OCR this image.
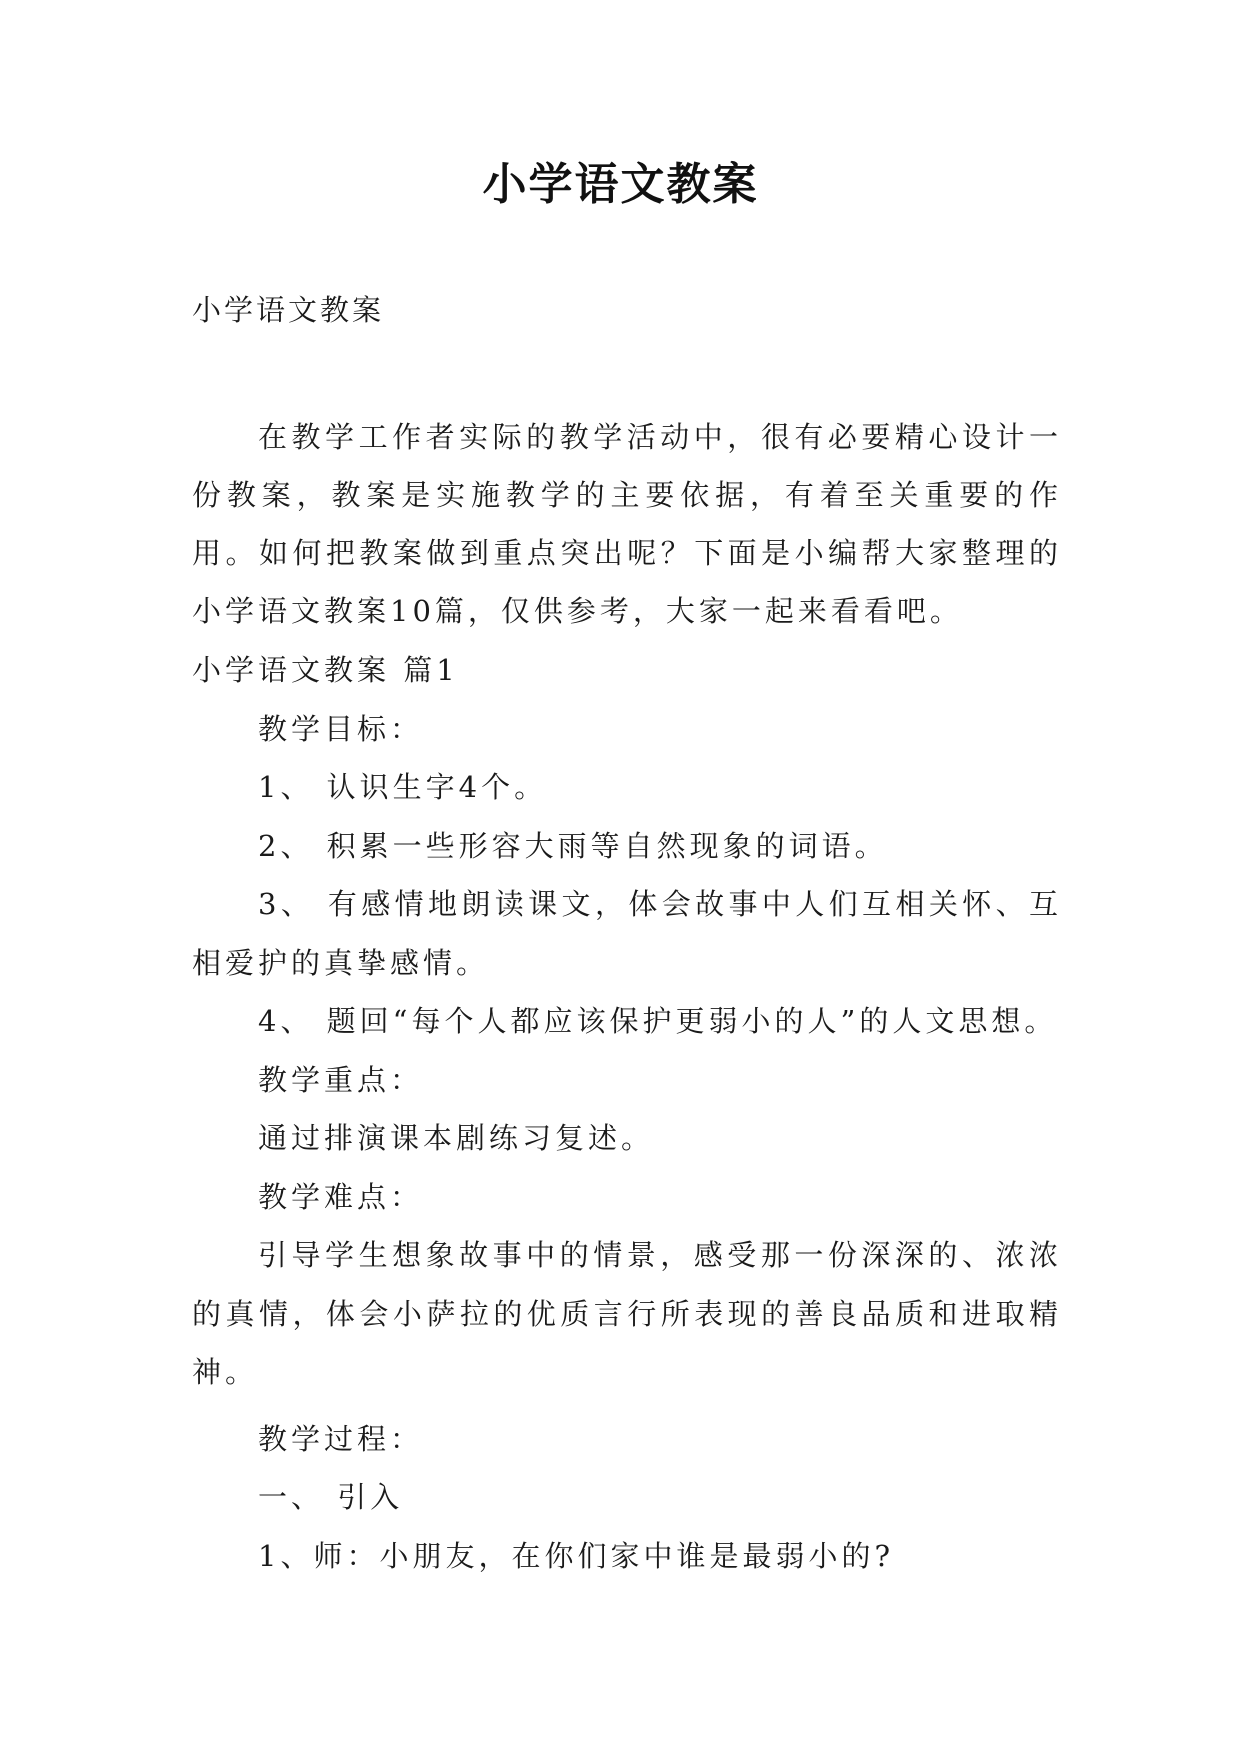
小学语文教案
小学语文教案
在教学工作者实际的教学活动中，很有必要精心设计一份教案，教案是实施教学的主要依据，有着至关重要的作用。如何把教案做到重点突出呢？下面是小编帮大家整理的小学语文教案10篇，仅供参考，大家一起来看看吧。

小学语文教案 篇1

教学目标：

1、 认识生字4个。

2、 积累一些形容大雨等自然现象的词语。

3、 有感情地朗读课文，体会故事中人们互相关怀、互相爱护的真挚感情。

4、 题回“每个人都应该保护更弱小的人”的人文思想。

教学重点：

通过排演课本剧练习复述。

教学难点：

引导学生想象故事中的情景，感受那一份深深的、浓浓的真情，体会小萨拉的优质言行所表现的善良品质和进取精神。

教学过程：

一、 引入

1、师：小朋友，在你们家中谁是最弱小的?
